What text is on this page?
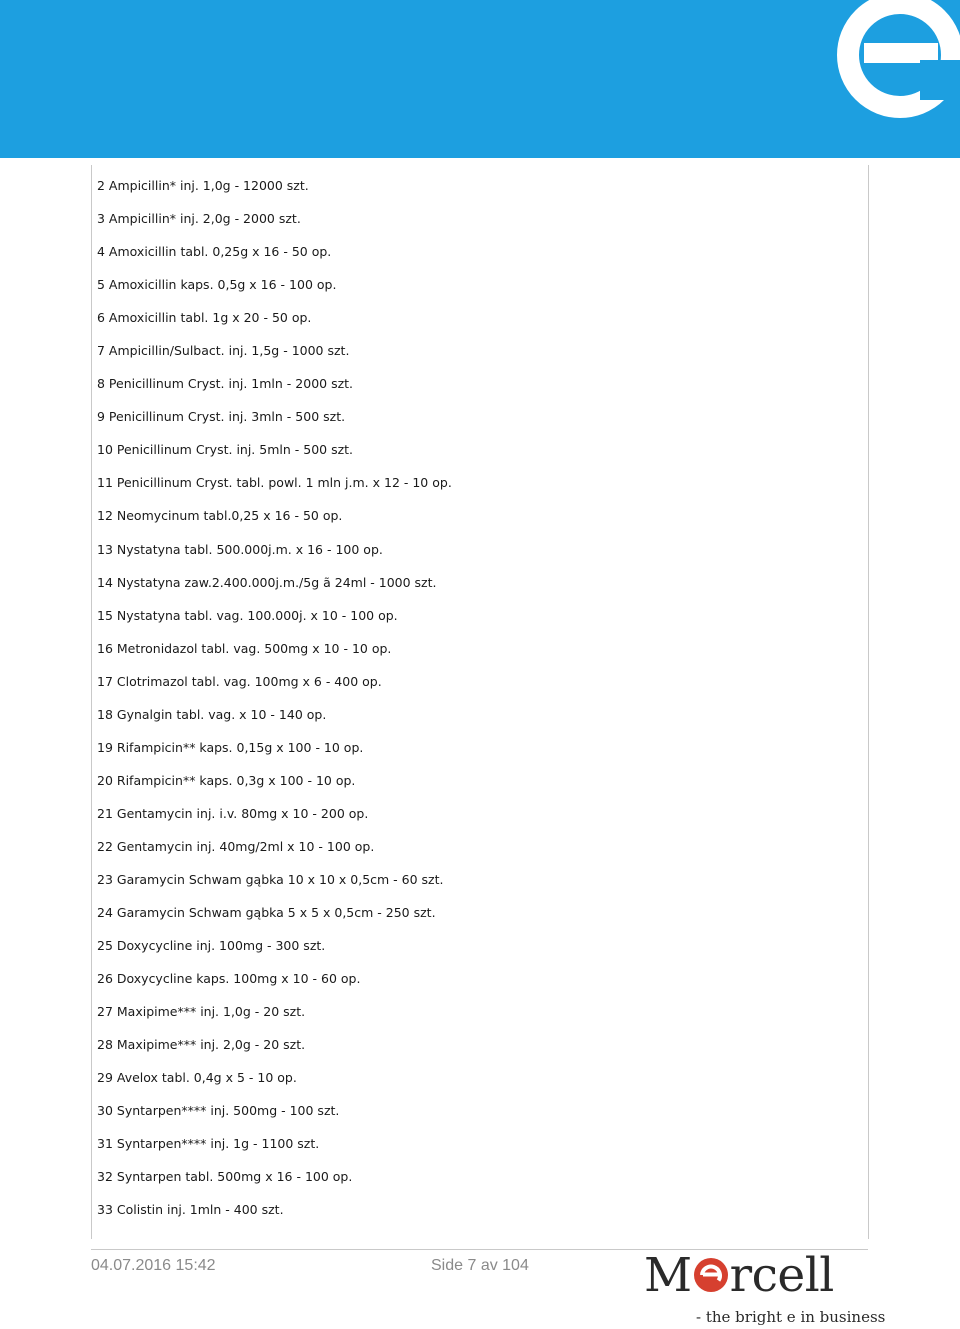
2 Ampicillin* inj. 1,0g - 12000 szt.
3 Ampicillin* inj. 2,0g - 2000 szt.
4 Amoxicillin tabl. 0,25g x 16 - 50 op.
5 Amoxicillin kaps. 0,5g x 16 - 100 op.
6 Amoxicillin tabl. 1g x 20 - 50 op.
7 Ampicillin/Sulbact. inj. 1,5g - 1000 szt.
8 Penicillinum Cryst. inj. 1mln - 2000 szt.
9 Penicillinum Cryst. inj. 3mln - 500 szt.
10 Penicillinum Cryst. inj. 5mln - 500 szt.
11 Penicillinum Cryst. tabl. powl. 1 mln j.m. x 12 - 10 op.
12 Neomycinum tabl.0,25 x 16 - 50 op.
13 Nystatyna tabl. 500.000j.m. x 16 - 100 op.
14 Nystatyna zaw.2.400.000j.m./5g ã 24ml - 1000 szt.
15 Nystatyna tabl. vag. 100.000j. x 10 - 100 op.
16 Metronidazol tabl. vag. 500mg x 10 - 10 op.
17 Clotrimazol tabl. vag. 100mg x 6 - 400 op.
18 Gynalgin tabl. vag. x 10 - 140 op.
19 Rifampicin** kaps. 0,15g x 100 - 10 op.
20 Rifampicin** kaps. 0,3g x 100 - 10 op.
21 Gentamycin inj. i.v. 80mg x 10 - 200 op.
22 Gentamycin inj. 40mg/2ml x 10 - 100 op.
23 Garamycin Schwam gąbka 10 x 10 x 0,5cm - 60 szt.
24 Garamycin Schwam gąbka 5 x 5 x 0,5cm - 250 szt.
25 Doxycycline inj. 100mg - 300 szt.
26 Doxycycline kaps. 100mg x 10 - 60 op.
27 Maxipime*** inj. 1,0g - 20 szt.
28 Maxipime*** inj. 2,0g - 20 szt.
29 Avelox tabl. 0,4g x 5 - 10 op.
30 Syntarpen**** inj. 500mg - 100 szt.
31 Syntarpen**** inj. 1g - 1100 szt.
32 Syntarpen tabl. 500mg x 16 - 100 op.
33 Colistin inj. 1mln - 400 szt.
04.07.2016 15:42	Side 7 av 104 M rcell
- the bright e in business
